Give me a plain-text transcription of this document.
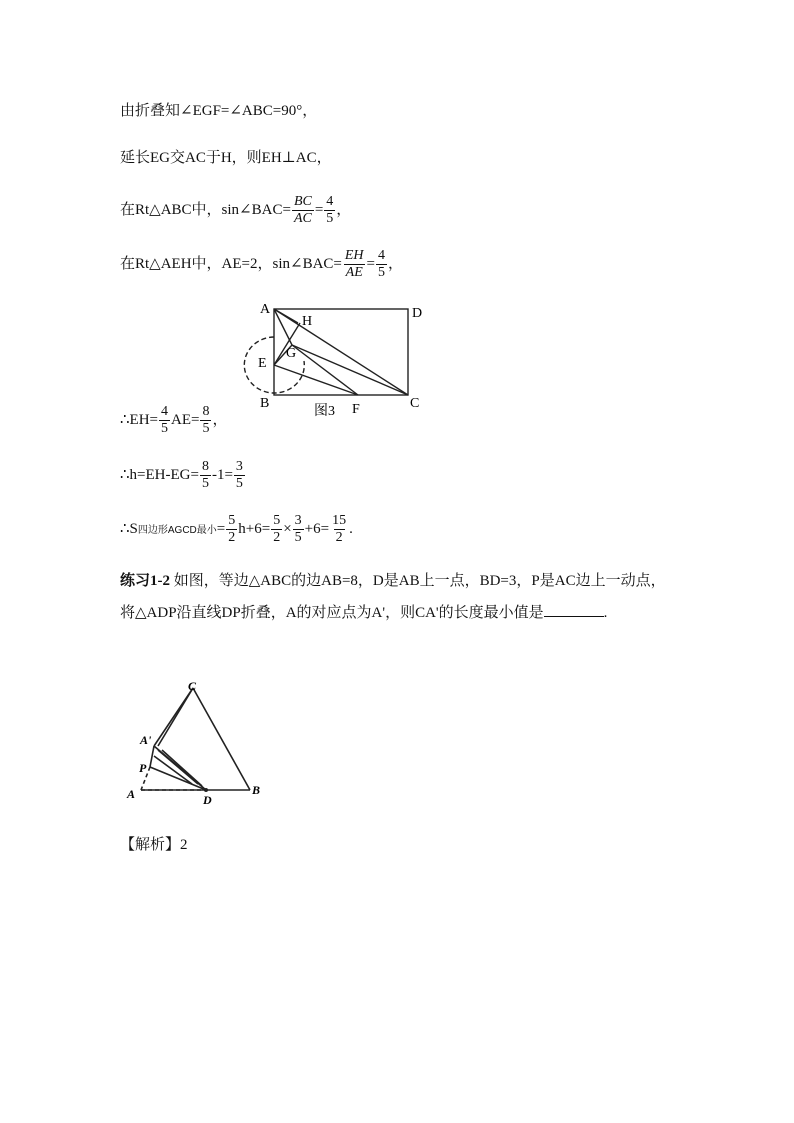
由折叠知∠EGF=∠ABC=90°，
延长EG交AC于H，则EH⊥AC，
在Rt△ABC中，sin∠BAC= $\frac{BC}{AC} = \frac{4}{5}$ ，
在Rt△AEH中，AE=2，sin∠BAC= $\frac{EH}{AE} = \frac{4}{5}$ ，
A	D
H
G
E
B	F	C
图3
∴EH= $\frac{4}{5} AE= \frac{8}{5}$ ，
∴h=EH-EG= $\frac{8}{5} -1= \frac{3}{5}$
∴S四边形AGCD最小= $\frac{5}{2} h+6= \frac{5}{2} \times \frac{3}{5} +6= \frac{15}{2}$ .
练习1-2 如图，等边△ABC的边AB=8，D是AB上一点，BD=3，P是AC边上一动点，将△ADP沿直线DP折叠，A的对应点为A'，则CA'的长度最小值是	.
C
A'
P
A	D
B
【解析】2
